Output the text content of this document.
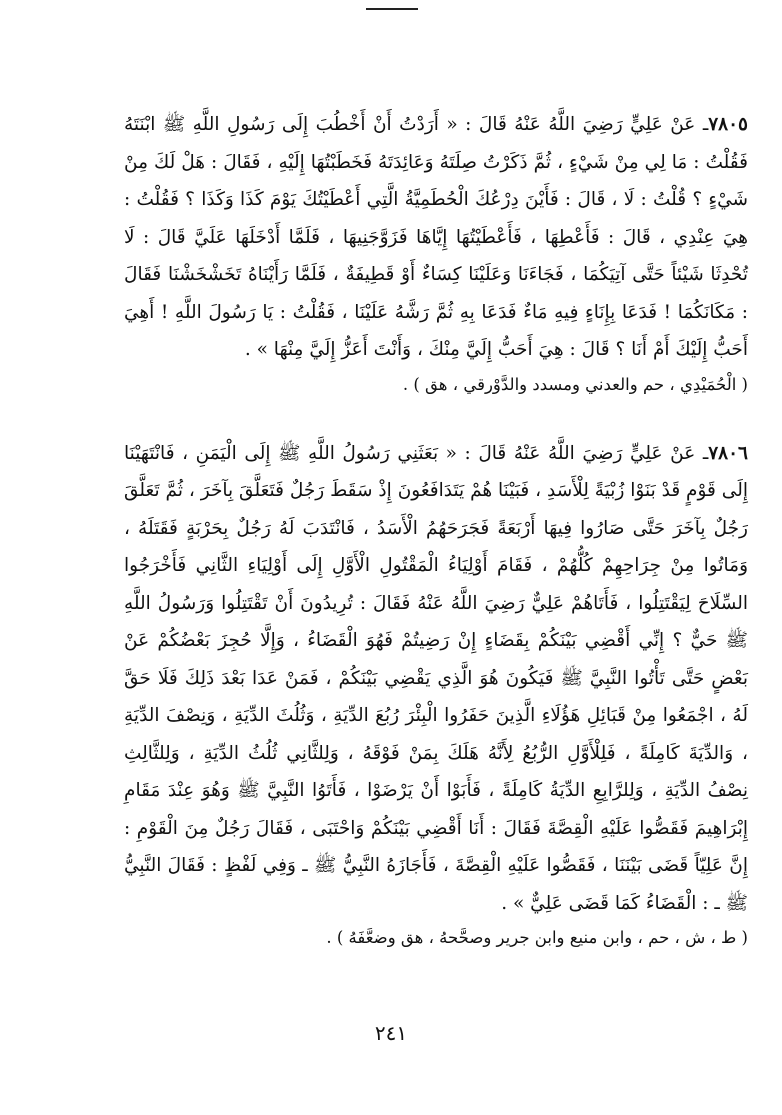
٧٨٠٥ـ عَنْ عَلِيٍّ رَضِيَ اللَّهُ عَنْهُ قَالَ : « أَرَدْتُ أَنْ أَخْطُبَ إِلَى رَسُولِ اللَّهِ ﷺ ابْنَتَهُ فَقُلْتُ : مَا لِي مِنْ شَيْءٍ ، ثُمَّ ذَكَرْتُ صِلَتَهُ وَعَائِدَتَهُ فَخَطَبْتُهَا إِلَيْهِ ، فَقَالَ : هَلْ لَكَ مِنْ شَيْءٍ ؟ قُلْتُ : لَا ، قَالَ : فَأَيْنَ دِرْعُكَ الْحُطَمِيَّةُ الَّتِي أَعْطَيْتُكَ يَوْمَ كَذَا وَكَذَا ؟ فَقُلْتُ : هِيَ عِنْدِي ، قَالَ : فَأَعْطِهَا ، فَأَعْطَيْتُهَا إِيَّاهَا فَزَوَّجَنِيهَا ، فَلَمَّا أَدْخَلَهَا عَلَيَّ قَالَ : لَا تُحْدِثَا شَيْئاً حَتَّى آتِيَكُمَا ، فَجَاءَنَا وَعَلَيْنَا كِسَاءٌ أَوْ قَطِيفَةٌ ، فَلَمَّا رَأَيْنَاهُ تَخَشْخَشْنَا فَقَالَ : مَكَانَكُمَا ! فَدَعَا بِإِنَاءٍ فِيهِ مَاءٌ فَدَعَا بِهِ ثُمَّ رَشَّهُ عَلَيْنَا ، فَقُلْتُ : يَا رَسُولَ اللَّهِ ! أَهِيَ أَحَبُّ إِلَيْكَ أَمْ أَنَا ؟ قَالَ : هِيَ أَحَبُّ إِلَيَّ مِنْكَ ، وَأَنْتَ أَعَزُّ إِلَيَّ مِنْهَا » .

( الْحُمَيْدِي ، حم والعدني ومسدد والدَّوْرقي ، هق ) .

٧٨٠٦ـ عَنْ عَلِيٍّ رَضِيَ اللَّهُ عَنْهُ قَالَ : « بَعَثَنِي رَسُولُ اللَّهِ ﷺ إِلَى الْيَمَنِ ، فَانْتَهَيْنَا إِلَى قَوْمٍ قَدْ بَنَوْا زُبْيَةً لِلْأَسَدِ ، فَبَيْنَا هُمْ يَتَدَافَعُونَ إِذْ سَقَطَ رَجُلٌ فَتَعَلَّقَ بِآخَرَ ، ثُمَّ تَعَلَّقَ رَجُلٌ بِآخَرَ حَتَّى صَارُوا فِيهَا أَرْبَعَةً فَجَرَحَهُمُ الْأَسَدُ ، فَانْتَدَبَ لَهُ رَجُلٌ بِحَرْبَةٍ فَقَتَلَهُ ، وَمَاتُوا مِنْ جِرَاحِهِمْ كُلُّهُمْ ، فَقَامَ أَوْلِيَاءُ الْمَقْتُولِ الْأَوَّلِ إِلَى أَوْلِيَاءِ الثَّانِي فَأَخْرَجُوا السِّلَاحَ لِيَقْتَتِلُوا ، فَأَتَاهُمْ عَلِيٌّ رَضِيَ اللَّهُ عَنْهُ فَقَالَ : تُرِيدُونَ أَنْ تَقْتَتِلُوا وَرَسُولُ اللَّهِ ﷺ حَيٌّ ؟ إِنِّي أَقْضِي بَيْنَكُمْ بِقَضَاءٍ إِنْ رَضِيتُمْ فَهُوَ الْقَضَاءُ ، وَإِلَّا حُجِزَ بَعْضُكُمْ عَنْ بَعْضٍ حَتَّى تَأْتُوا النَّبِيَّ ﷺ فَيَكُونَ هُوَ الَّذِي يَقْضِي بَيْنَكُمْ ، فَمَنْ عَدَا بَعْدَ ذَلِكَ فَلَا حَقَّ لَهُ ، اجْمَعُوا مِنْ قَبَائِلِ هَؤُلَاءِ الَّذِينَ حَفَرُوا الْبِئْرَ رُبُعَ الدِّيَةِ ، وَثُلُثَ الدِّيَةِ ، وَنِصْفَ الدِّيَةِ ، وَالدِّيَةَ كَامِلَةً ، فَلِلْأَوَّلِ الرُّبُعُ لِأَنَّهُ هَلَكَ بِمَنْ فَوْقَهُ ، وَلِلثَّانِي ثُلُثُ الدِّيَةِ ، وَلِلثَّالِثِ نِصْفُ الدِّيَةِ ، وَلِلرَّابِعِ الدِّيَةُ كَامِلَةً ، فَأَبَوْا أَنْ يَرْضَوْا ، فَأَتَوُا النَّبِيَّ ﷺ وَهُوَ عِنْدَ مَقَامِ إِبْرَاهِيمَ فَقَصُّوا عَلَيْهِ الْقِصَّةَ فَقَالَ : أَنَا أَقْضِي بَيْنَكُمْ وَاحْتَبَى ، فَقَالَ رَجُلٌ مِنَ الْقَوْمِ : إِنَّ عَلِيّاً قَضَى بَيْنَنَا ، فَقَصُّوا عَلَيْهِ الْقِصَّةَ ، فَأَجَازَهُ النَّبِيُّ ﷺ ـ وَفِي لَفْظٍ : فَقَالَ النَّبِيُّ ﷺ ـ : الْقَضَاءُ كَمَا قَضَى عَلِيٌّ » .

( ط ، ش ، حم ، وابن منيع وابن جرير وصحَّحهُ ، هق وضعَّفَهُ ) .

٢٤١
